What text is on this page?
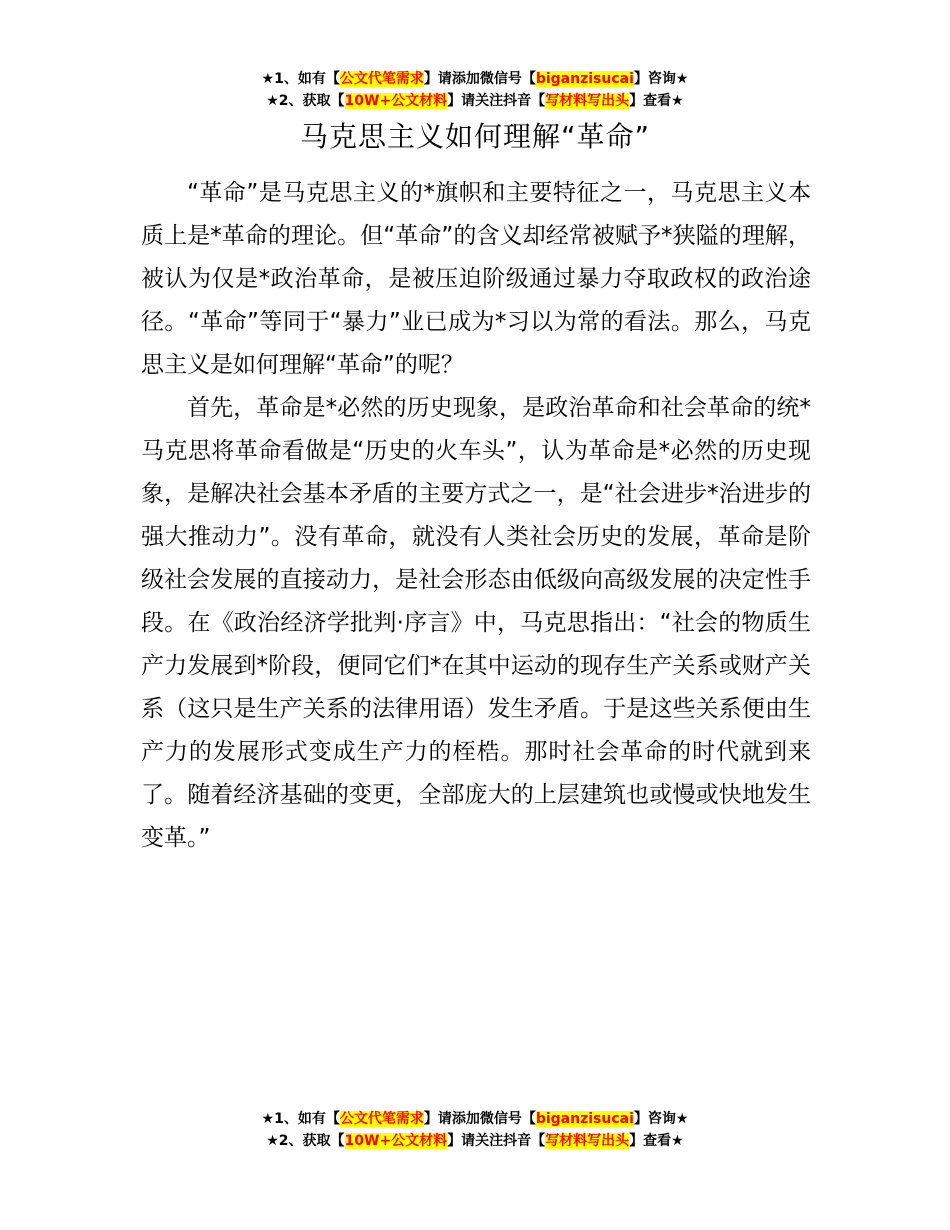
★1、如有【公文代笔需求】请添加微信号【biganzisucai】咨询★
★2、获取【10W+公文材料】请关注抖音【写材料写出头】查看★
马克思主义如何理解“革命”

“革命”是马克思主义的*旗帜和主要特征之一，马克思主义本质上是*革命的理论。但“革命”的含义却经常被赋予*狭隘的理解，被认为仅是*政治革命，是被压迫阶级通过暴力夺取政权的政治途径。“革命”等同于“暴力”业已成为*习以为常的看法。那么，马克思主义是如何理解“革命”的呢？

首先，革命是*必然的历史现象，是政治革命和社会革命的统*马克思将革命看做是“历史的火车头”，认为革命是*必然的历史现象，是解决社会基本矛盾的主要方式之一，是“社会进步*治进步的强大推动力”。没有革命，就没有人类社会历史的发展，革命是阶级社会发展的直接动力，是社会形态由低级向高级发展的决定性手段。在《政治经济学批判·序言》中，马克思指出：“社会的物质生产力发展到*阶段，便同它们*在其中运动的现存生产关系或财产关系（这只是生产关系的法律用语）发生矛盾。于是这些关系便由生产力的发展形式变成生产力的桎梏。那时社会革命的时代就到来了。随着经济基础的变更，全部庞大的上层建筑也或慢或快地发生变革。”

★1、如有【公文代笔需求】请添加微信号【biganzisucai】咨询★
★2、获取【10W+公文材料】请关注抖音【写材料写出头】查看★
